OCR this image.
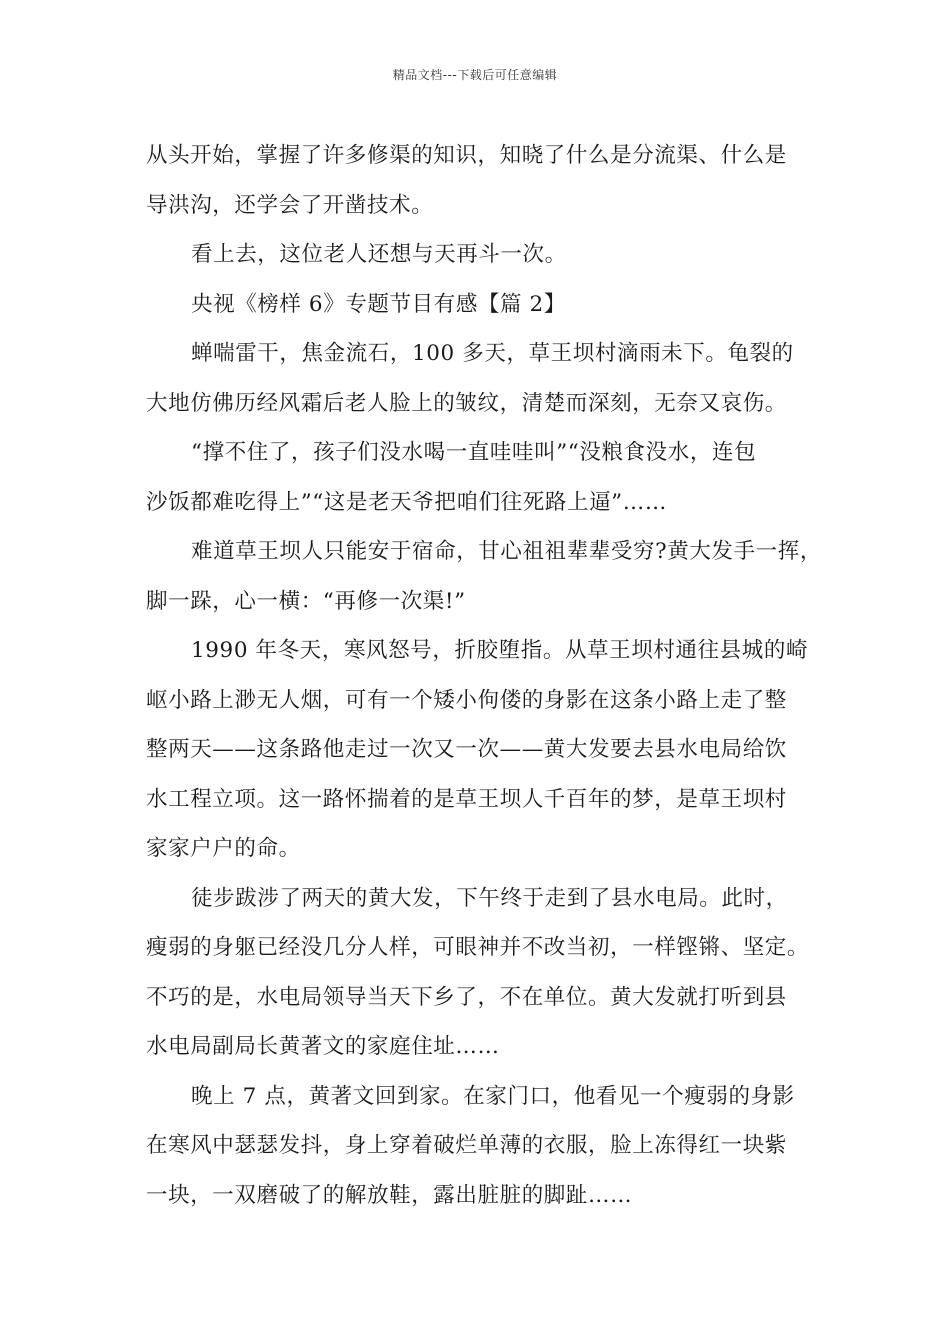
精品文档---下载后可任意编辑

从头开始，掌握了许多修渠的知识，知晓了什么是分流渠、什么是

导洪沟，还学会了开凿技术。

看上去，这位老人还想与天再斗一次。

央视《榜样 6》专题节目有感【篇 2】

蝉喘雷干，焦金流石，100 多天，草王坝村滴雨未下。龟裂的

大地仿佛历经风霜后老人脸上的皱纹，清楚而深刻，无奈又哀伤。

“撑不住了，孩子们没水喝一直哇哇叫”“没粮食没水，连包

沙饭都难吃得上”“这是老天爷把咱们往死路上逼”……

难道草王坝人只能安于宿命，甘心祖祖辈辈受穷?黄大发手一挥，

脚一跺，心一横：“再修一次渠!”

1990 年冬天，寒风怒号，折胶堕指。从草王坝村通往县城的崎

岖小路上渺无人烟，可有一个矮小佝偻的身影在这条小路上走了整

整两天——这条路他走过一次又一次——黄大发要去县水电局给饮

水工程立项。这一路怀揣着的是草王坝人千百年的梦，是草王坝村

家家户户的命。

徒步跋涉了两天的黄大发，下午终于走到了县水电局。此时，

瘦弱的身躯已经没几分人样，可眼神并不改当初，一样铿锵、坚定。

不巧的是，水电局领导当天下乡了，不在单位。黄大发就打听到县

水电局副局长黄著文的家庭住址……

晚上 7 点，黄著文回到家。在家门口，他看见一个瘦弱的身影

在寒风中瑟瑟发抖，身上穿着破烂单薄的衣服，脸上冻得红一块紫

一块，一双磨破了的解放鞋，露出脏脏的脚趾……
